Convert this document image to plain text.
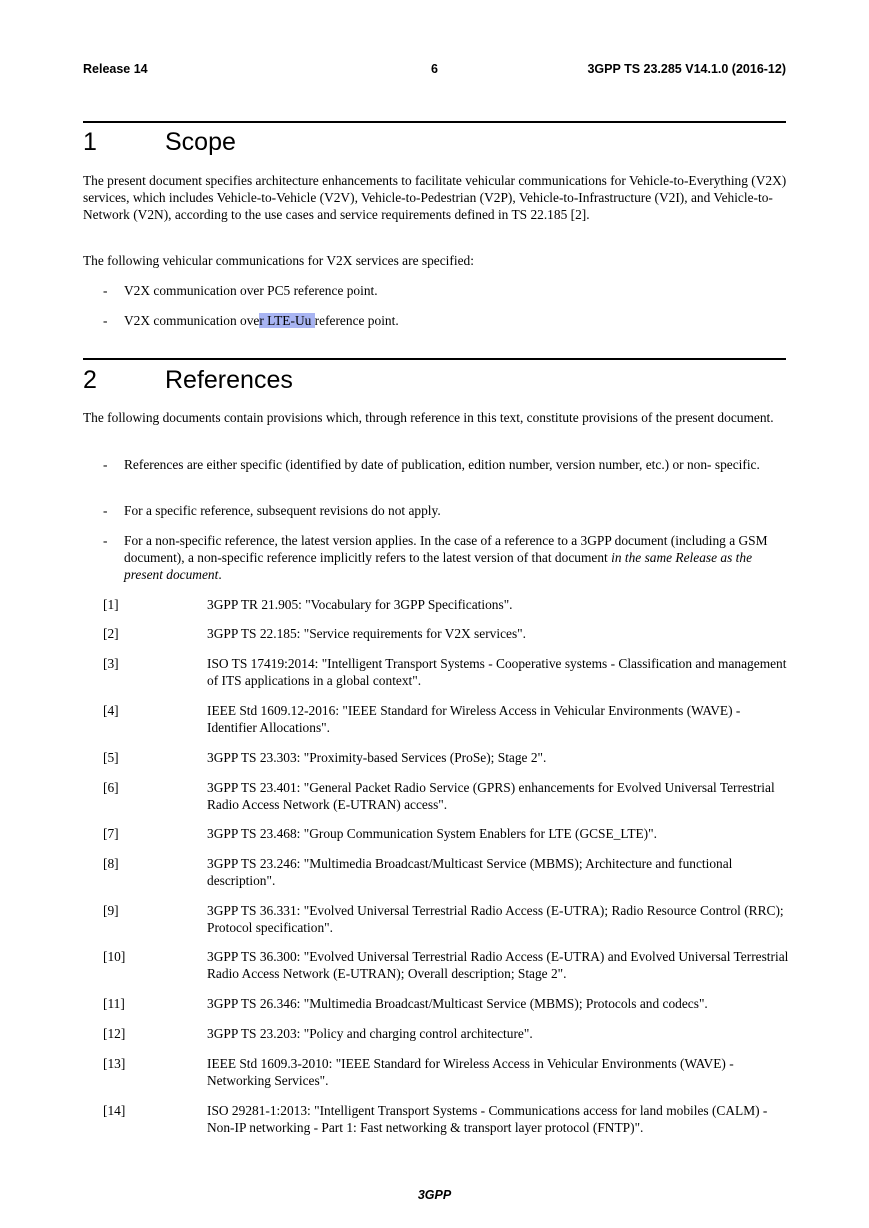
Release 14	6	3GPP TS 23.285 V14.1.0 (2016-12)
1	Scope
The present document specifies architecture enhancements to facilitate vehicular communications for Vehicle-to-Everything (V2X) services, which includes Vehicle-to-Vehicle (V2V), Vehicle-to-Pedestrian (V2P), Vehicle-to-Infrastructure (V2I), and Vehicle-to-Network (V2N), according to the use cases and service requirements defined in TS 22.185 [2].
The following vehicular communications for V2X services are specified:
- V2X communication over PC5 reference point.
- V2X communication over LTE-Uu reference point.
2	References
The following documents contain provisions which, through reference in this text, constitute provisions of the present document.
- References are either specific (identified by date of publication, edition number, version number, etc.) or non- specific.
- For a specific reference, subsequent revisions do not apply.
- For a non-specific reference, the latest version applies. In the case of a reference to a 3GPP document (including a GSM document), a non-specific reference implicitly refers to the latest version of that document in the same Release as the present document.
[1]	3GPP TR 21.905: "Vocabulary for 3GPP Specifications".
[2]	3GPP TS 22.185: "Service requirements for V2X services".
[3]	ISO TS 17419:2014: "Intelligent Transport Systems - Cooperative systems - Classification and management of ITS applications in a global context".
[4]	IEEE Std 1609.12-2016: "IEEE Standard for Wireless Access in Vehicular Environments (WAVE) - Identifier Allocations".
[5]	3GPP TS 23.303: "Proximity-based Services (ProSe); Stage 2".
[6]	3GPP TS 23.401: "General Packet Radio Service (GPRS) enhancements for Evolved Universal Terrestrial Radio Access Network (E-UTRAN) access".
[7]	3GPP TS 23.468: "Group Communication System Enablers for LTE (GCSE_LTE)".
[8]	3GPP TS 23.246: "Multimedia Broadcast/Multicast Service (MBMS); Architecture and functional description".
[9]	3GPP TS 36.331: "Evolved Universal Terrestrial Radio Access (E-UTRA); Radio Resource Control (RRC); Protocol specification".
[10]	3GPP TS 36.300: "Evolved Universal Terrestrial Radio Access (E-UTRA) and Evolved Universal Terrestrial Radio Access Network (E-UTRAN); Overall description; Stage 2".
[11]	3GPP TS 26.346: "Multimedia Broadcast/Multicast Service (MBMS); Protocols and codecs".
[12]	3GPP TS 23.203: "Policy and charging control architecture".
[13]	IEEE Std 1609.3-2010: "IEEE Standard for Wireless Access in Vehicular Environments (WAVE) - Networking Services".
[14]	ISO 29281-1:2013: "Intelligent Transport Systems - Communications access for land mobiles (CALM) - Non-IP networking - Part 1: Fast networking & transport layer protocol (FNTP)".
3GPP
